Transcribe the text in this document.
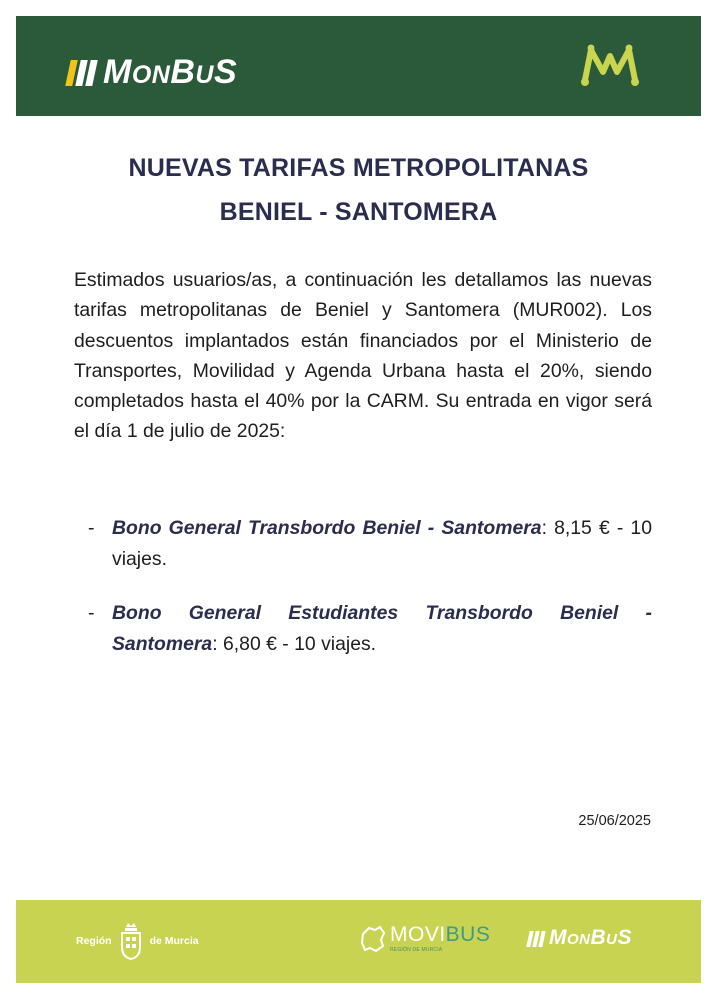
MONBUS
NUEVAS TARIFAS METROPOLITANAS
BENIEL - SANTOMERA
Estimados usuarios/as, a continuación les detallamos las nuevas tarifas metropolitanas de Beniel y Santomera (MUR002). Los descuentos implantados están financiados por el Ministerio de Transportes, Movilidad y Agenda Urbana hasta el 20%, siendo completados hasta el 40% por la CARM. Su entrada en vigor será el día 1 de julio de 2025:
- Bono General Transbordo Beniel - Santomera: 8,15 € - 10 viajes.
- Bono General Estudiantes Transbordo Beniel - Santomera: 6,80 € - 10 viajes.
25/06/2025
Región	de Murcia	MOVIBUS
REGIÓN DE MURCIA
MONBUS
